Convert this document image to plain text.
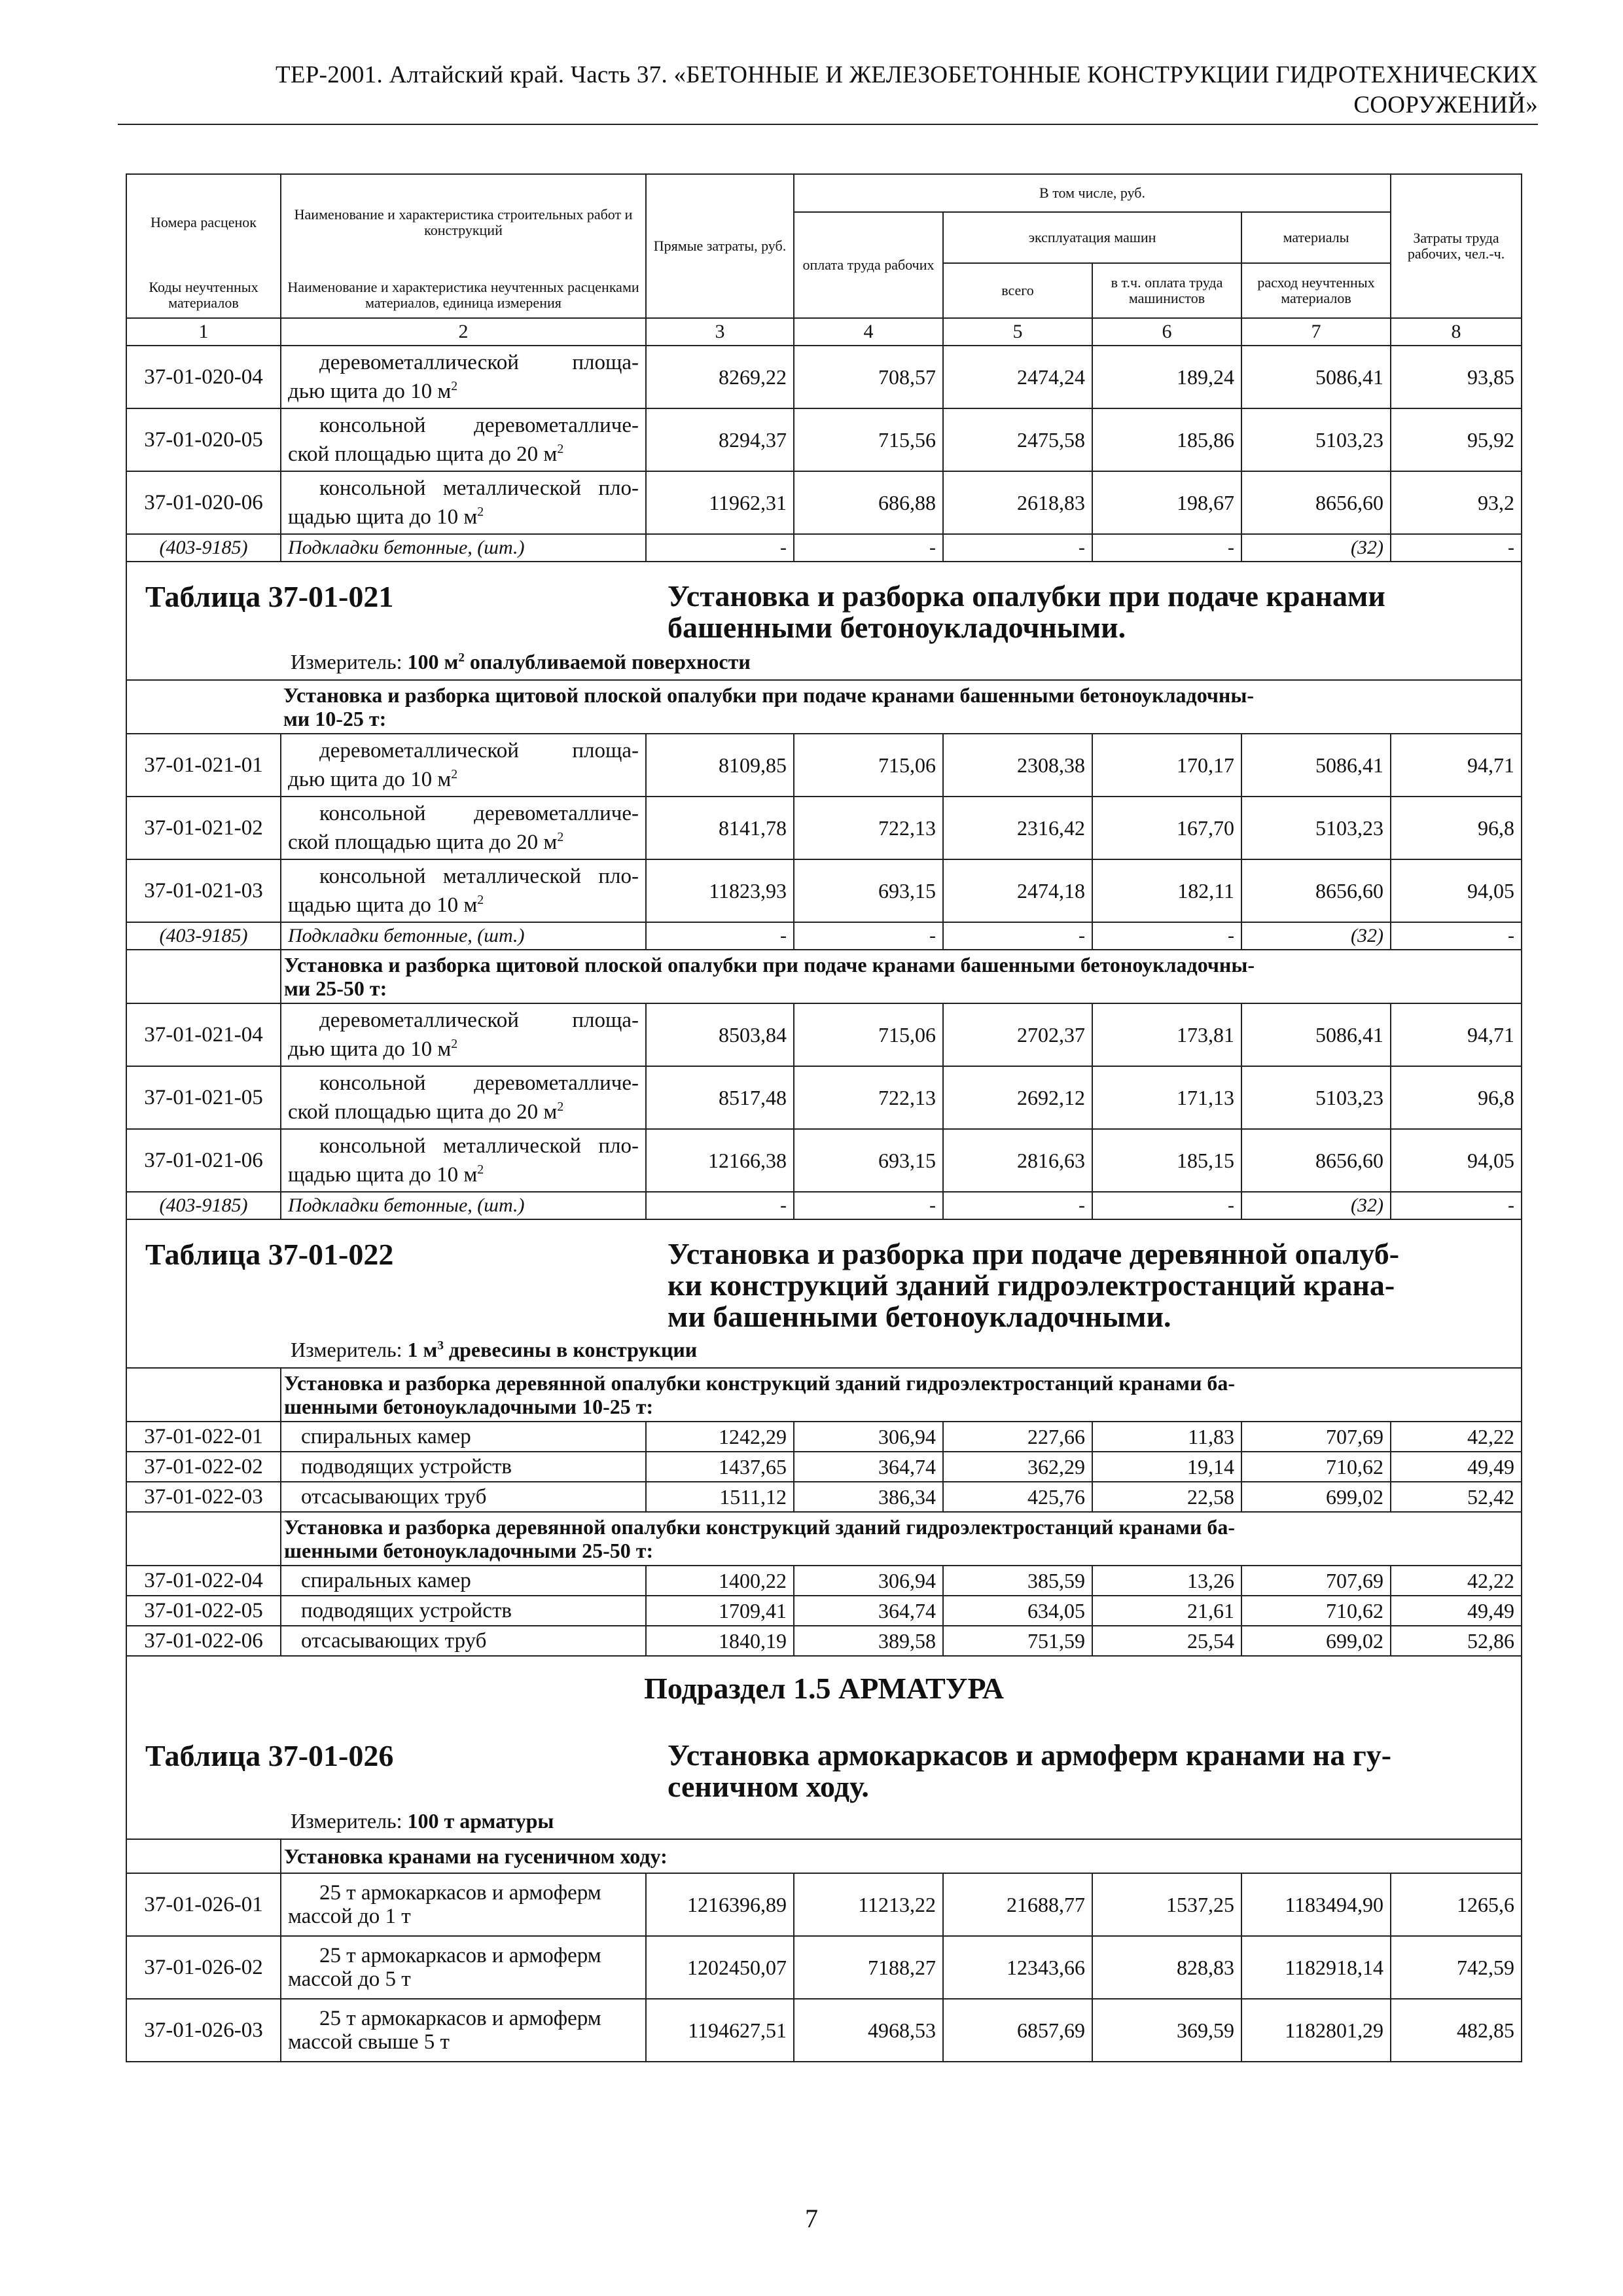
ТЕР-2001. Алтайский край. Часть 37. «БЕТОННЫЕ И ЖЕЛЕЗОБЕТОННЫЕ КОНСТРУКЦИИ ГИДРОТЕХНИЧЕСКИХ
СООРУЖЕНИЙ»
Номера расценок	Наименование и характеристика строительных работ и конструкций	Прямые затраты, руб.	В том числе, руб.				Затраты труда рабочих, чел.-ч.
			оплата труда рабочих	эксплуатация машин		материалы	
				всего	в т.ч. оплата труда машинистов	расход неучтенных материалов	

Коды неучтенных материалов	Наименование и характеристика неучтенных расценками материалов, единица измерения						
1	2	3	4	5	6	7	8
37-01-020-04	деревометаллической площа-
дью щита до 10 $м^2$	8269,22	708,57	2474,24	189,24	5086,41	93,85
37-01-020-05	консольной деревометалличе-
ской площадью щита до 20 $м^2$	8294,37	715,56	2475,58	185,86	5103,23	95,92
37-01-020-06	консольной металлической пло-
щадью щита до 10 $м^2$	11962,31	686,88	2618,83	198,67	8656,60	93,2
(403-9185)	Подкладки бетонные, (шт.)	-	-	-	-	(32)	-

Таблица 37-01-021 Установка и разборка опалубки при подаче кранами
башенными бетоноукладочными.
Измеритель: 100 $м^2$ опалубливаемой поверхности							

	Установка и разборка щитовой плоской опалубки при подаче кранами башенными бетоноукладочны-
ми 10-25 т:						

37-01-021-01	деревометаллической площа-
дью щита до 10 $м^2$	8109,85	715,06	2308,38	170,17	5086,41	94,71
37-01-021-02	консольной деревометалличе-
ской площадью щита до 20 $м^2$	8141,78	722,13	2316,42	167,70	5103,23	96,8
37-01-021-03	консольной металлической пло-
щадью щита до 10 $м^2$	11823,93	693,15	2474,18	182,11	8656,60	94,05
(403-9185)	Подкладки бетонные, (шт.)	-	-	-	-	(32)	-

	Установка и разборка щитовой плоской опалубки при подаче кранами башенными бетоноукладочны-
ми 25-50 т:						

37-01-021-04	деревометаллической площа-
дью щита до 10 $м^2$	8503,84	715,06	2702,37	173,81	5086,41	94,71
37-01-021-05	консольной деревометалличе-
ской площадью щита до 20 $м^2$	8517,48	722,13	2692,12	171,13	5103,23	96,8
37-01-021-06	консольной металлической пло-
щадью щита до 10 $м^2$	12166,38	693,15	2816,63	185,15	8656,60	94,05
(403-9185)	Подкладки бетонные, (шт.)	-	-	-	-	(32)	-

Таблица 37-01-022 Установка и разборка при подаче деревянной опалуб-
ки конструкций зданий гидроэлектростанций крана-
ми башенными бетоноукладочными.
Измеритель: 1 $м^3$ древесины в конструкции							

	Установка и разборка деревянной опалубки конструкций зданий гидроэлектростанций кранами ба-
шенными бетоноукладочными 10-25 т:						

37-01-022-01	спиральных камер	1242,29	306,94	227,66	11,83	707,69	42,22
37-01-022-02	подводящих устройств	1437,65	364,74	362,29	19,14	710,62	49,49
37-01-022-03	отсасывающих труб	1511,12	386,34	425,76	22,58	699,02	52,42

	Установка и разборка деревянной опалубки конструкций зданий гидроэлектростанций кранами ба-
шенными бетоноукладочными 25-50 т:						

37-01-022-04	спиральных камер	1400,22	306,94	385,59	13,26	707,69	42,22
37-01-022-05	подводящих устройств	1709,41	364,74	634,05	21,61	710,62	49,49
37-01-022-06	отсасывающих труб	1840,19	389,58	751,59	25,54	699,02	52,86

Подраздел 1.5 АРМАТУРА
Таблица 37-01-026 Установка армокаркасов и армоферм кранами на гу-
сеничном ходу.
Измеритель: 100 т арматуры							

	Установка кранами на гусеничном ходу:						

37-01-026-01	25 т армокаркасов и армоферм
массой до 1 т	1216396,89	11213,22	21688,77	1537,25	1183494,90	1265,6
37-01-026-02	25 т армокаркасов и армоферм
массой до 5 т	1202450,07	7188,27	12343,66	828,83	1182918,14	742,59
37-01-026-03	25 т армокаркасов и армоферм
массой свыше 5 т	1194627,51	4968,53	6857,69	369,59	1182801,29	482,85
7
